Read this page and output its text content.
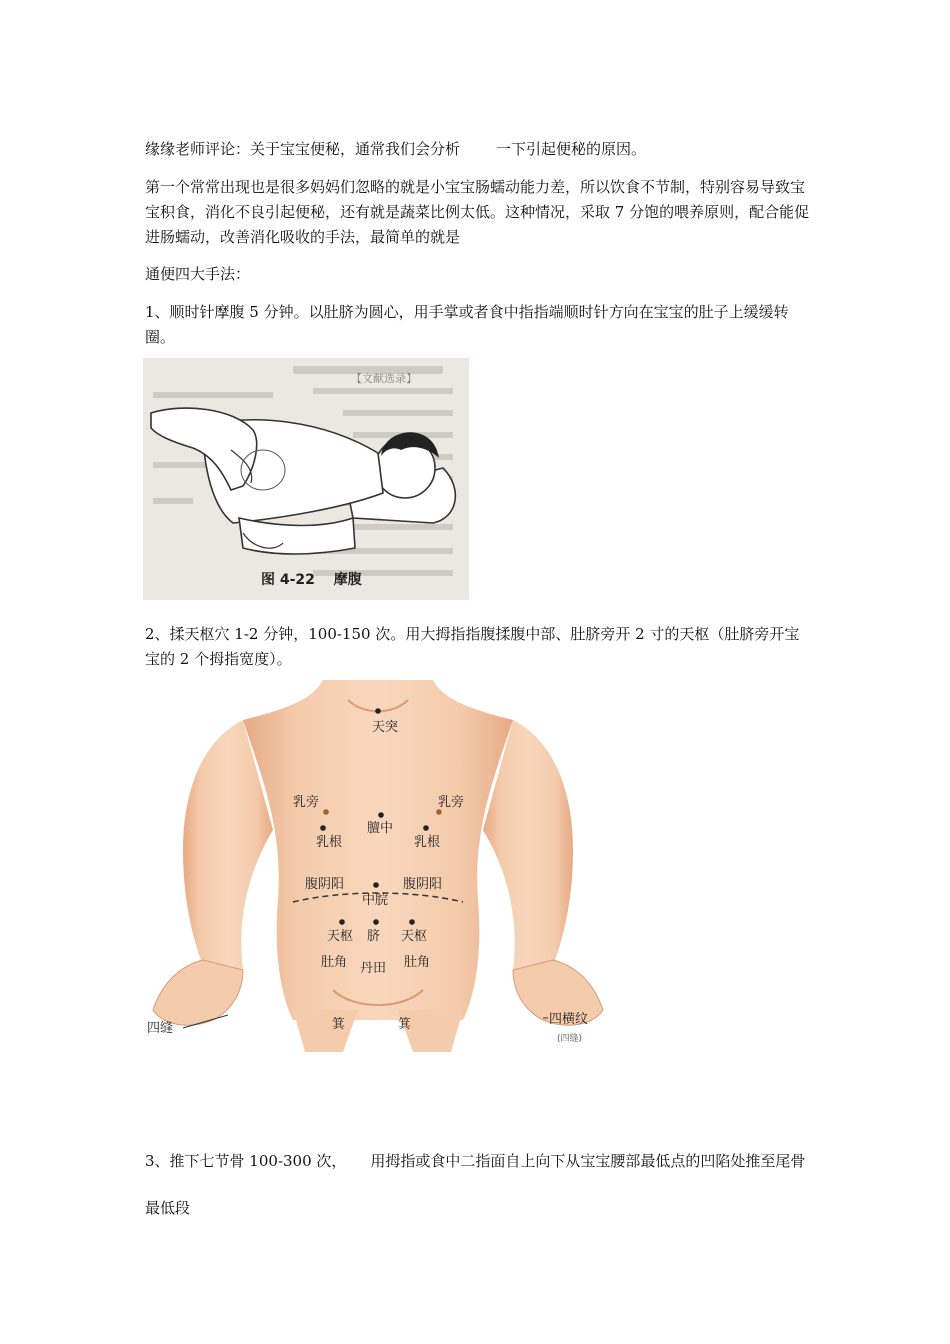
缘缘老师评论：关于宝宝便秘，通常我们会分析 一下引起便秘的原因。

第一个常常出现也是很多妈妈们忽略的就是小宝宝肠蠕动能力差，所以饮食不节制，特别容易导致宝宝积食，消化不良引起便秘，还有就是蔬菜比例太低。这种情况，采取 7 分饱的喂养原则，配合能促进肠蠕动，改善消化吸收的手法，最简单的就是

通便四大手法：

1、顺时针摩腹 5 分钟。以肚脐为圆心，用手掌或者食中指指端顺时针方向在宝宝的肚子上缓缓转圈。

【文献选录】
图 4-22　 摩腹

2、揉天枢穴 1-2 分钟，100-150 次。用大拇指指腹揉腹中部、肚脐旁开 2 寸的天枢（肚脐旁开宝宝的 2 个拇指宽度）。

天突
乳旁	乳旁
膻中
乳根	乳根
腹阴阳	腹阴阳
中脘
天枢 脐 天枢
肚角 丹田 肚角
箕	箕
四缝
四横纹
(四缝)

3、推下七节骨 100-300 次， 用拇指或食中二指面自上向下从宝宝腰部最低点的凹陷处推至尾骨最低段
